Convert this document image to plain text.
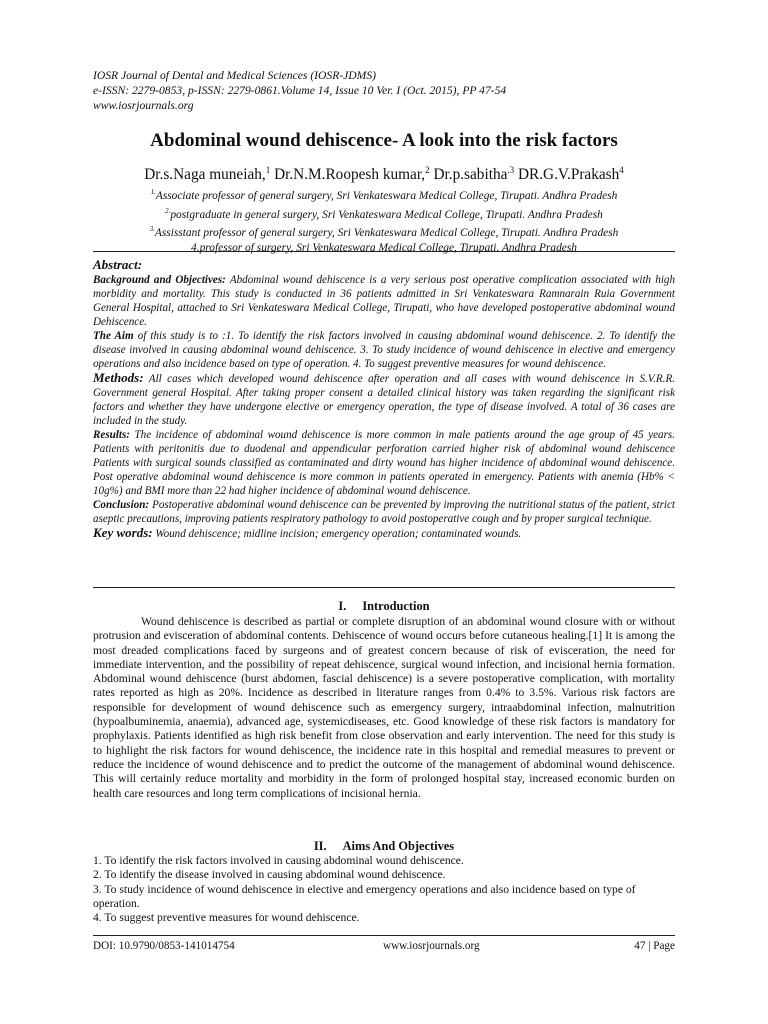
IOSR Journal of Dental and Medical Sciences (IOSR-JDMS)
e-ISSN: 2279-0853, p-ISSN: 2279-0861.Volume 14, Issue 10 Ver. I (Oct. 2015), PP 47-54
www.iosrjournals.org
Abdominal wound dehiscence- A look into the risk factors
Dr.s.Naga muneiah,$^1$ Dr.N.M.Roopesh kumar,$^2$ Dr.p.sabitha$^{.3}$ DR.G.V.Prakash$^4$
$^{1.}$Associate professor of general surgery, Sri Venkateswara Medical College, Tirupati. Andhra Pradesh
$^{2.}$postgraduate in general surgery, Sri Venkateswara Medical College, Tirupati. Andhra Pradesh
$^{3.}$Assisstant professor of general surgery, Sri Venkateswara Medical College, Tirupati. Andhra Pradesh
4.professor of surgery, Sri Venkateswara Medical College, Tirupati. Andhra Pradesh

Abstract:

Background and Objectives: Abdominal wound dehiscence is a very serious post operative complication associated with high morbidity and mortality. This study is conducted in 36 patients admitted in Sri Venkateswara Ramnarain Ruia Government General Hospital, attached to Sri Venkateswara Medical College, Tirupati, who have developed postoperative abdominal wound Dehiscence.

The Aim of this study is to :1. To identify the risk factors involved in causing abdominal wound dehiscence. 2. To identify the disease involved in causing abdominal wound dehiscence. 3. To study incidence of wound dehiscence in elective and emergency operations and also incidence based on type of operation. 4. To suggest preventive measures for wound dehiscence.

Methods: All cases which developed wound dehiscence after operation and all cases with wound dehiscence in S.V.R.R. Government general Hospital. After taking proper consent a detailed clinical history was taken regarding the significant risk factors and whether they have undergone elective or emergency operation, the type of disease involved. A total of 36 cases are included in the study.

Results: The incidence of abdominal wound dehiscence is more common in male patients around the age group of 45 years. Patients with peritonitis due to duodenal and appendicular perforation carried higher risk of abdominal wound dehiscence Patients with surgical sounds classified as contaminated and dirty wound has higher incidence of abdominal wound dehiscence. Post operative abdominal wound dehiscence is more common in patients operated in emergency. Patients with anemia (Hb% < 10g%) and BMI more than 22 had higher incidence of abdominal wound dehiscence.

Conclusion: Postoperative abdominal wound dehiscence can be prevented by improving the nutritional status of the patient, strict aseptic precautions, improving patients respiratory pathology to avoid postoperative cough and by proper surgical technique.

Key words: Wound dehiscence; midline incision; emergency operation; contaminated wounds.

I. Introduction

Wound dehiscence is described as partial or complete disruption of an abdominal wound closure with or without protrusion and evisceration of abdominal contents. Dehiscence of wound occurs before cutaneous healing.[1] It is among the most dreaded complications faced by surgeons and of greatest concern because of risk of evisceration, the need for immediate intervention, and the possibility of repeat dehiscence, surgical wound infection, and incisional hernia formation. Abdominal wound dehiscence (burst abdomen, fascial dehiscence) is a severe postoperative complication, with mortality rates reported as high as 20%. Incidence as described in literature ranges from 0.4% to 3.5%. Various risk factors are responsible for development of wound dehiscence such as emergency surgery, intraabdominal infection, malnutrition (hypoalbuminemia, anaemia), advanced age, systemicdiseases, etc. Good knowledge of these risk factors is mandatory for prophylaxis. Patients identified as high risk benefit from close observation and early intervention. The need for this study is to highlight the risk factors for wound dehiscence, the incidence rate in this hospital and remedial measures to prevent or reduce the incidence of wound dehiscence and to predict the outcome of the management of abdominal wound dehiscence. This will certainly reduce mortality and morbidity in the form of prolonged hospital stay, increased economic burden on health care resources and long term complications of incisional hernia.

II. Aims And Objectives
1. To identify the risk factors involved in causing abdominal wound dehiscence.
2. To identify the disease involved in causing abdominal wound dehiscence.
3. To study incidence of wound dehiscence in elective and emergency operations and also incidence based on type of operation.
4. To suggest preventive measures for wound dehiscence.
DOI: 10.9790/0853-141014754	www.iosrjournals.org	47 | Page
